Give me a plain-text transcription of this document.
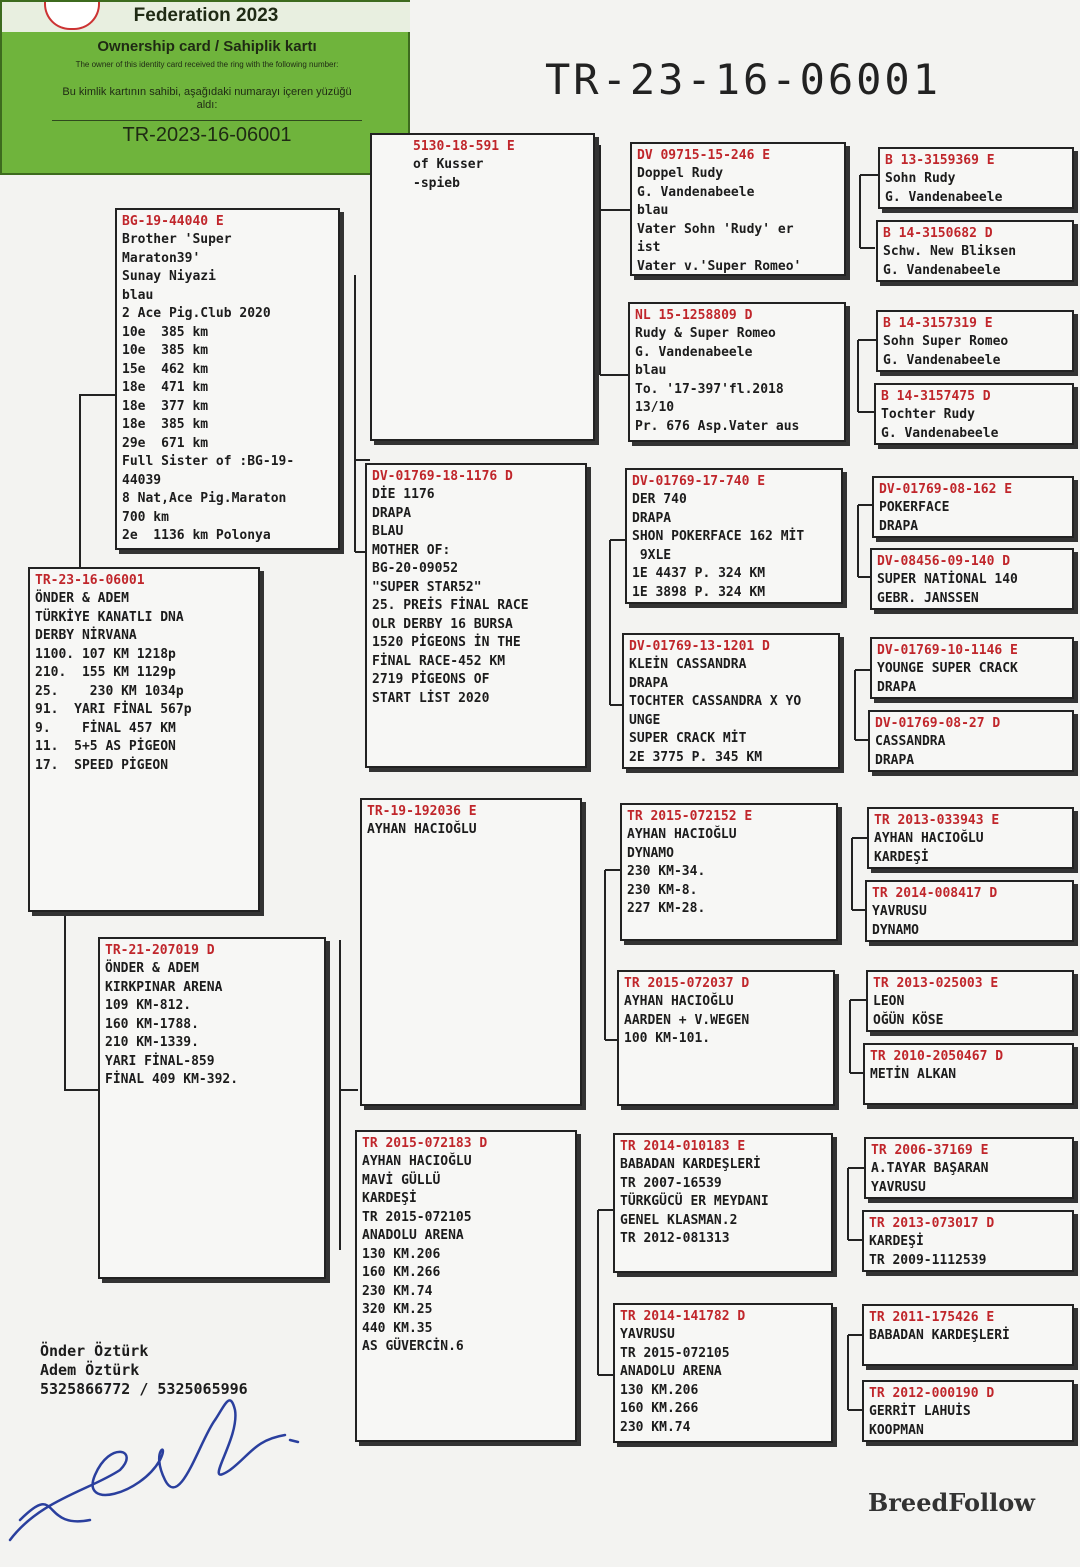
TR-23-16-06001
Federation 2023
Ownership card / Sahiplik kartı
The owner of this identity card received the ring with the following number:
Bu kimlik kartının sahibi, aşağıdaki numarayı içeren yüzüğü aldı:
TR-2023-16-06001
TR-23-16-06001
ÖNDER & ADEM
TÜRKİYE KANATLI DNA
DERBY NİRVANA
1100. 107 KM 1218p
210.  155 KM 1129p
25.    230 KM 1034p
91.  YARI FİNAL 567p
9.    FİNAL 457 KM
11.  5+5 AS PİGEON
17.  SPEED PİGEON
BG-19-44040 E
Brother 'Super
Maraton39'
Sunay Niyazi
blau
2 Ace Pig.Club 2020
10e  385 km
10e  385 km
15e  462 km
18e  471 km
18e  377 km
18e  385 km
29e  671 km
Full Sister of :BG-19-
44039
8 Nat,Ace Pig.Maraton
700 km
2e  1136 km Polonya
TR-21-207019 D
ÖNDER & ADEM
KIRKPINAR ARENA
109 KM-812.
160 KM-1788.
210 KM-1339.
YARI FİNAL-859
FİNAL 409 KM-392.
5130-18-591 E
of Kusser
-spieb
DV-01769-18-1176 D
DİE 1176
DRAPA
BLAU
MOTHER OF:
BG-20-09052
"SUPER STAR52"
25. PREİS FİNAL RACE
OLR DERBY 16 BURSA
1520 PİGEONS İN THE
FİNAL RACE-452 KM
2719 PİGEONS OF
START LİST 2020
TR-19-192036 E
AYHAN HACIOĞLU
TR 2015-072183 D
AYHAN HACIOĞLU
MAVİ GÜLLÜ
KARDEŞİ
TR 2015-072105
ANADOLU ARENA
130 KM.206
160 KM.266
230 KM.74
320 KM.25
440 KM.35
AS GÜVERCİN.6
DV 09715-15-246 E
Doppel Rudy
G. Vandenabeele
blau
Vater Sohn 'Rudy' er
ist
Vater v.'Super Romeo'
NL 15-1258809 D
Rudy & Super Romeo
G. Vandenabeele
blau
To. '17-397'fl.2018
13/10
Pr. 676 Asp.Vater aus
DV-01769-17-740 E
DER 740
DRAPA
SHON POKERFACE 162 MİT
9XLE
1E 4437 P. 324 KM
1E 3898 P. 324 KM
DV-01769-13-1201 D
KLEİN CASSANDRA
DRAPA
TOCHTER CASSANDRA X YO
UNGE
SUPER CRACK MİT
2E 3775 P. 345 KM
TR 2015-072152 E
AYHAN HACIOĞLU
DYNAMO
230 KM-34.
230 KM-8.
227 KM-28.
TR 2015-072037 D
AYHAN HACIOĞLU
AARDEN + V.WEGEN
100 KM-101.
TR 2014-010183 E
BABADAN KARDEŞLERİ
TR 2007-16539
TÜRKGÜCÜ ER MEYDANI
GENEL KLASMAN.2
TR 2012-081313
TR 2014-141782 D
YAVRUSU
TR 2015-072105
ANADOLU ARENA
130 KM.206
160 KM.266
230 KM.74
B 13-3159369 E
Sohn Rudy
G. Vandenabeele
B 14-3150682 D
Schw. New Bliksen
G. Vandenabeele
B 14-3157319 E
Sohn Super Romeo
G. Vandenabeele
B 14-3157475 D
Tochter Rudy
G. Vandenabeele
DV-01769-08-162 E
POKERFACE
DRAPA
DV-08456-09-140 D
SUPER NATİONAL 140
GEBR. JANSSEN
DV-01769-10-1146 E
YOUNGE SUPER CRACK
DRAPA
DV-01769-08-27 D
CASSANDRA
DRAPA
TR 2013-033943 E
AYHAN HACIOĞLU
KARDEŞİ
TR 2014-008417 D
YAVRUSU
DYNAMO
TR 2013-025003 E
LEON
OĞÜN KÖSE
TR 2010-2050467 D
METİN ALKAN
TR 2006-37169 E
A.TAYAR BAŞARAN
YAVRUSU
TR 2013-073017 D
KARDEŞİ
TR 2009-1112539
TR 2011-175426 E
BABADAN KARDEŞLERİ
TR 2012-000190 D
GERRİT LAHUİS
KOOPMAN
Önder Öztürk
Adem Öztürk
5325866772 / 5325065996
BreedFollow
